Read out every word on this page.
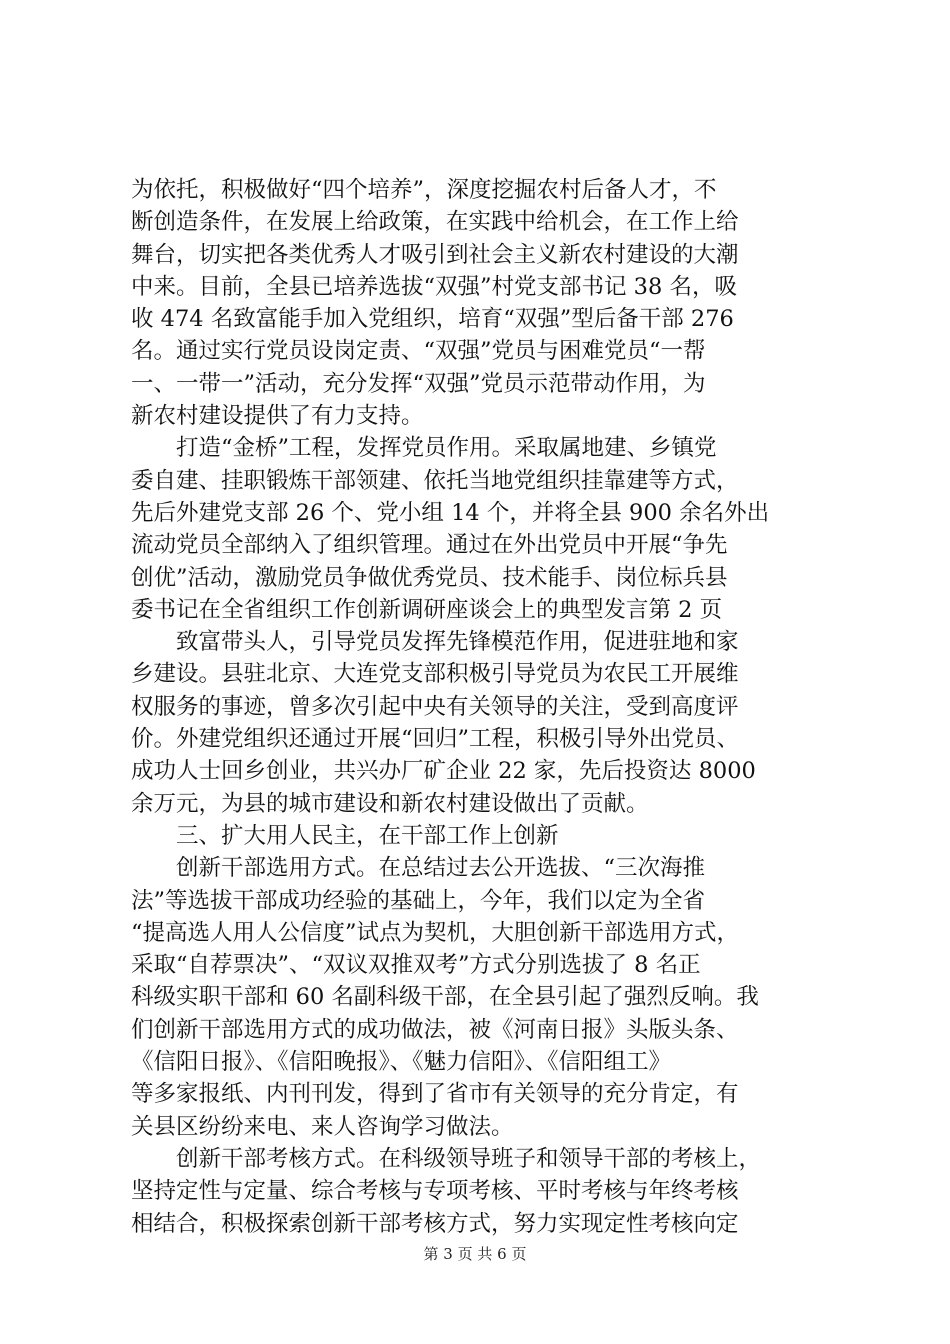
为依托，积极做好“四个培养”，深度挖掘农村后备人才，不
断创造条件，在发展上给政策，在实践中给机会，在工作上给
舞台，切实把各类优秀人才吸引到社会主义新农村建设的大潮
中来。目前，全县已培养选拔“双强”村党支部书记 38 名，吸
收 474 名致富能手加入党组织，培育“双强”型后备干部 276
名。通过实行党员设岗定责、“双强”党员与困难党员“一帮
一、一带一”活动，充分发挥“双强”党员示范带动作用，为
新农村建设提供了有力支持。
　　打造“金桥”工程，发挥党员作用。采取属地建、乡镇党
委自建、挂职锻炼干部领建、依托当地党组织挂靠建等方式，
先后外建党支部 26 个、党小组 14 个，并将全县 900 余名外出
流动党员全部纳入了组织管理。通过在外出党员中开展“争先
创优”活动，激励党员争做优秀党员、技术能手、岗位标兵县
委书记在全省组织工作创新调研座谈会上的典型发言第 2 页
　　致富带头人，引导党员发挥先锋模范作用，促进驻地和家
乡建设。县驻北京、大连党支部积极引导党员为农民工开展维
权服务的事迹，曾多次引起中央有关领导的关注，受到高度评
价。外建党组织还通过开展“回归”工程，积极引导外出党员、
成功人士回乡创业，共兴办厂矿企业 22 家，先后投资达 8000
余万元，为县的城市建设和新农村建设做出了贡献。
　　三、扩大用人民主，在干部工作上创新
　　创新干部选用方式。在总结过去公开选拔、“三次海推
法”等选拔干部成功经验的基础上，今年，我们以定为全省
“提高选人用人公信度”试点为契机，大胆创新干部选用方式，
采取“自荐票决”、“双议双推双考”方式分别选拔了 8 名正
科级实职干部和 60 名副科级干部，在全县引起了强烈反响。我
们创新干部选用方式的成功做法，被《河南日报》头版头条、
《信阳日报》、《信阳晚报》、《魅力信阳》、《信阳组工》
等多家报纸、内刊刊发，得到了省市有关领导的充分肯定，有
关县区纷纷来电、来人咨询学习做法。
　　创新干部考核方式。在科级领导班子和领导干部的考核上，
坚持定性与定量、综合考核与专项考核、平时考核与年终考核
相结合，积极探索创新干部考核方式，努力实现定性考核向定
第 3 页 共 6 页
